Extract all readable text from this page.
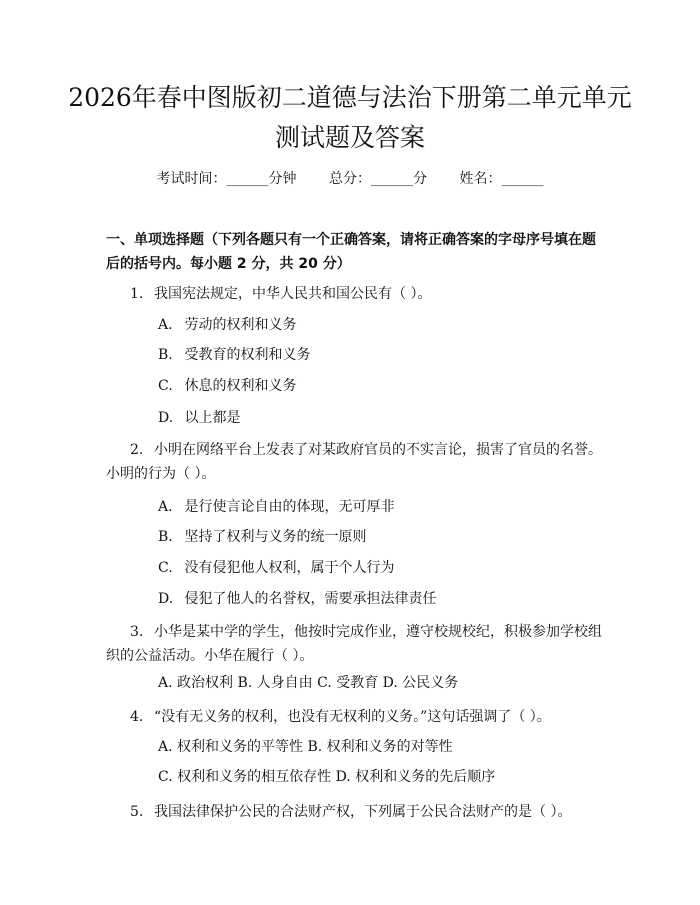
2026年春中图版初二道德与法治下册第二单元单元测试题及答案
考试时间：______分钟 总分：______分 姓名：______
一、单项选择题（下列各题只有一个正确答案，请将正确答案的字母序号填在题后的括号内。每小题 2 分，共 20 分）
1. 我国宪法规定，中华人民共和国公民有（ ）。
A. 劳动的权利和义务
B. 受教育的权利和义务
C. 休息的权利和义务
D. 以上都是
2. 小明在网络平台上发表了对某政府官员的不实言论，损害了官员的名誉。小明的行为（ ）。
A. 是行使言论自由的体现，无可厚非
B. 坚持了权利与义务的统一原则
C. 没有侵犯他人权利，属于个人行为
D. 侵犯了他人的名誉权，需要承担法律责任
3. 小华是某中学的学生，他按时完成作业，遵守校规校纪，积极参加学校组织的公益活动。小华在履行（ ）。
A. 政治权利 B. 人身自由 C. 受教育 D. 公民义务
4. “没有无义务的权利，也没有无权利的义务。”这句话强调了（ ）。
A. 权利和义务的平等性 B. 权利和义务的对等性
C. 权利和义务的相互依存性 D. 权利和义务的先后顺序
5. 我国法律保护公民的合法财产权，下列属于公民合法财产的是（ ）。
